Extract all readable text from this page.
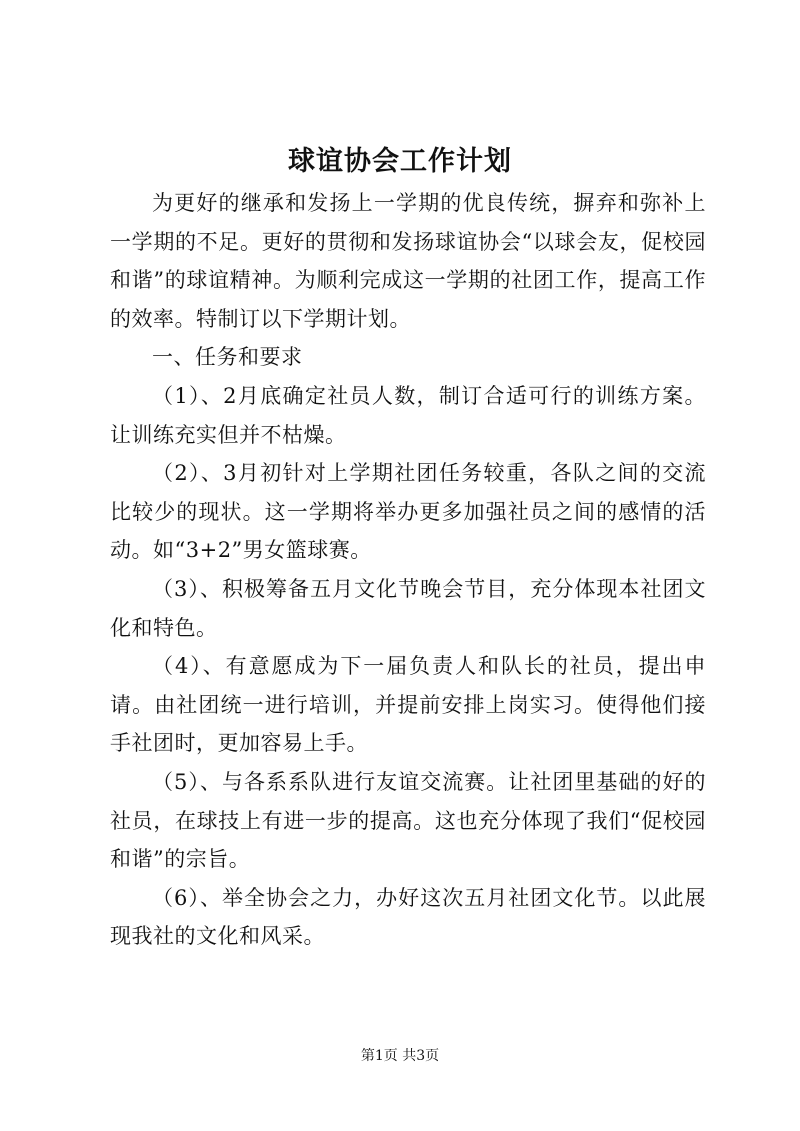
球谊协会工作计划

为更好的继承和发扬上一学期的优良传统，摒弃和弥补上一学期的不足。更好的贯彻和发扬球谊协会“以球会友，促校园和谐”的球谊精神。为顺利完成这一学期的社团工作，提高工作的效率。特制订以下学期计划。

一、任务和要求

（1）、2月底确定社员人数，制订合适可行的训练方案。让训练充实但并不枯燥。

（2）、3月初针对上学期社团任务较重，各队之间的交流比较少的现状。这一学期将举办更多加强社员之间的感情的活动。如“3+2”男女篮球赛。

（3）、积极筹备五月文化节晚会节目，充分体现本社团文化和特色。

（4）、有意愿成为下一届负责人和队长的社员，提出申请。由社团统一进行培训，并提前安排上岗实习。使得他们接手社团时，更加容易上手。

（5）、与各系系队进行友谊交流赛。让社团里基础的好的社员，在球技上有进一步的提高。这也充分体现了我们“促校园和谐”的宗旨。

（6）、举全协会之力，办好这次五月社团文化节。以此展现我社的文化和风采。

第1页 共3页
